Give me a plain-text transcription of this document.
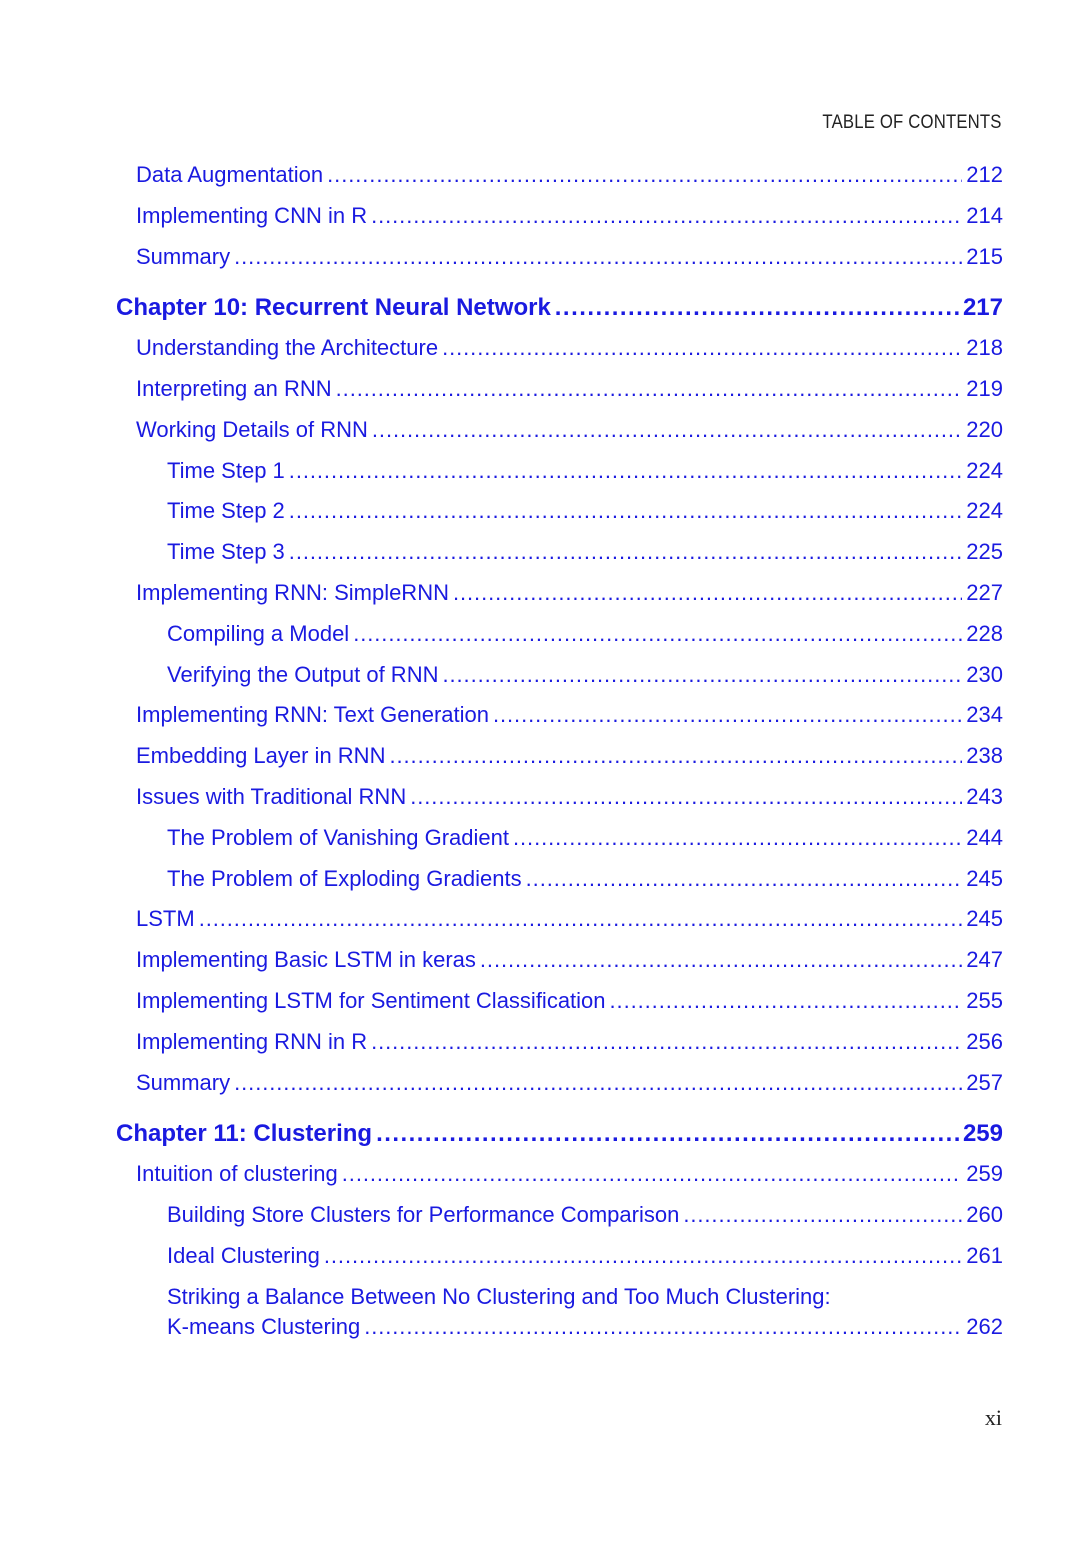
TABLE OF CONTENTS
Data Augmentation . . .	212
Implementing CNN in R . . .	214
Summary . . .	215
Chapter 10: Recurrent Neural Network . . .	217
Understanding the Architecture . . .	218
Interpreting an RNN . . .	219
Working Details of RNN . . .	220
Time Step 1 . . .	224
Time Step 2 . . .	224
Time Step 3 . . .	225
Implementing RNN: SimpleRNN . . .	227
Compiling a Model . . .	228
Verifying the Output of RNN . . .	230
Implementing RNN: Text Generation . . .	234
Embedding Layer in RNN . . .	238
Issues with Traditional RNN . . .	243
The Problem of Vanishing Gradient . . .	244
The Problem of Exploding Gradients . . .	245
LSTM . . .	245
Implementing Basic LSTM in keras . . .	247
Implementing LSTM for Sentiment Classification . . .	255
Implementing RNN in R . . .	256
Summary . . .	257
Chapter 11: Clustering . . .	259
Intuition of clustering . . .	259
Building Store Clusters for Performance Comparison . . .	260
Ideal Clustering . . .	261
Striking a Balance Between No Clustering and Too Much Clustering:
K-means Clustering . . .	262
xi
